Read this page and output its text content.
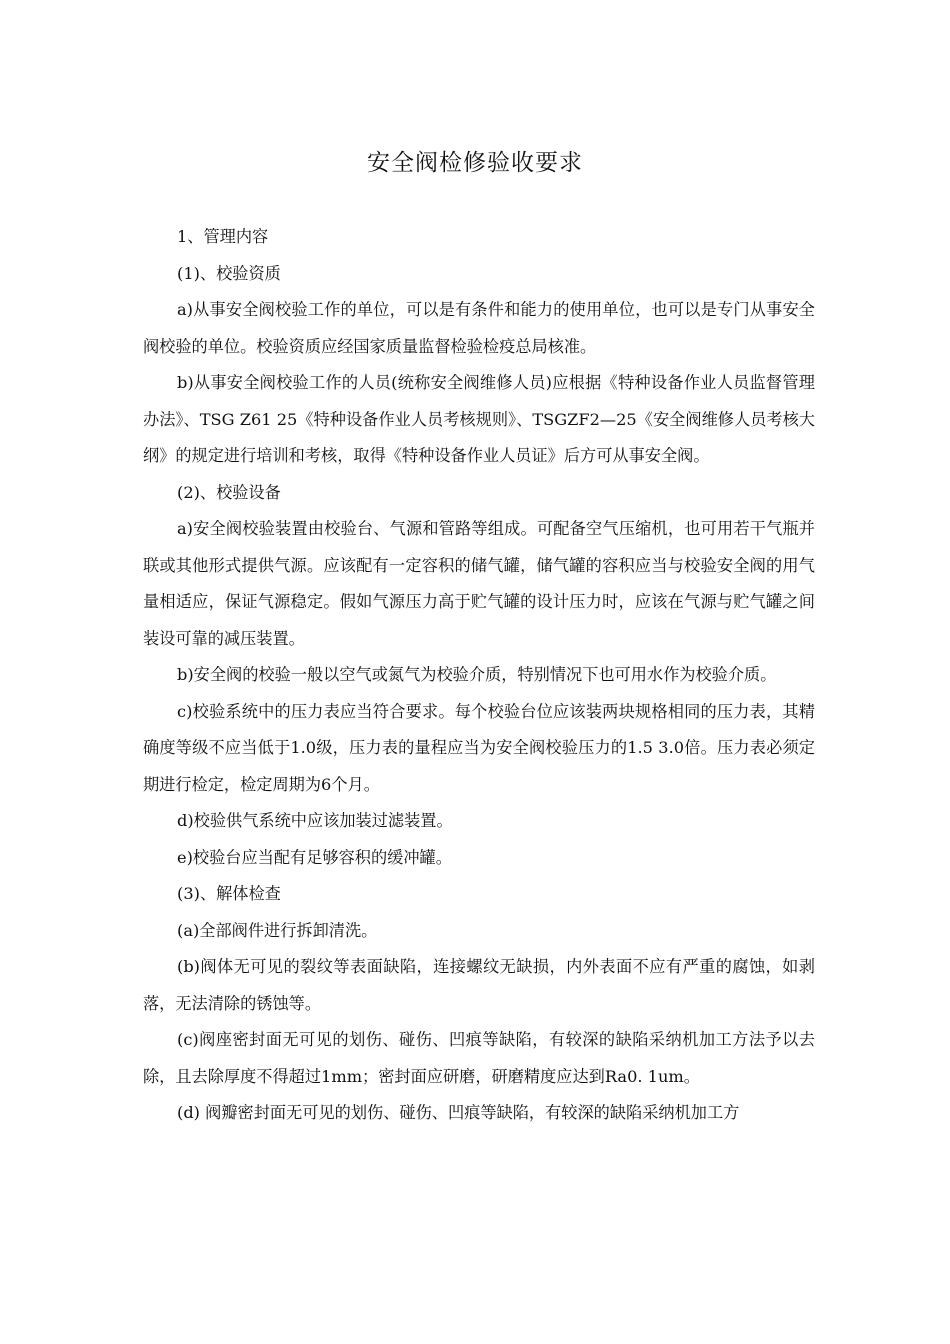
安全阀检修验收要求

1、管理内容

(1)、校验资质

a)从事安全阀校验工作的单位，可以是有条件和能力的使用单位，也可以是专门从事安全阀校验的单位。校验资质应经国家质量监督检验检疫总局核准。

b)从事安全阀校验工作的人员(统称安全阀维修人员)应根据《特种设备作业人员监督管理办法》、TSG Z61 25《特种设备作业人员考核规则》、TSGZF2—25《安全阀维修人员考核大纲》的规定进行培训和考核，取得《特种设备作业人员证》后方可从事安全阀。

(2)、校验设备

a)安全阀校验装置由校验台、气源和管路等组成。可配备空气压缩机，也可用若干气瓶并联或其他形式提供气源。应该配有一定容积的储气罐，储气罐的容积应当与校验安全阀的用气量相适应，保证气源稳定。假如气源压力高于贮气罐的设计压力时，应该在气源与贮气罐之间装设可靠的减压装置。

b)安全阀的校验一般以空气或氮气为校验介质，特别情况下也可用水作为校验介质。

c)校验系统中的压力表应当符合要求。每个校验台位应该装两块规格相同的压力表，其精确度等级不应当低于1.0级，压力表的量程应当为安全阀校验压力的1.5 3.0倍。压力表必须定期进行检定，检定周期为6个月。

d)校验供气系统中应该加装过滤装置。

e)校验台应当配有足够容积的缓冲罐。

(3)、解体检查

(a)全部阀件进行拆卸清洗。

(b)阀体无可见的裂纹等表面缺陷，连接螺纹无缺损，内外表面不应有严重的腐蚀，如剥落，无法清除的锈蚀等。

(c)阀座密封面无可见的划伤、碰伤、凹痕等缺陷，有较深的缺陷采纳机加工方法予以去除，且去除厚度不得超过1mm；密封面应研磨，研磨精度应达到Ra0. 1um。

(d) 阀瓣密封面无可见的划伤、碰伤、凹痕等缺陷，有较深的缺陷采纳机加工方
